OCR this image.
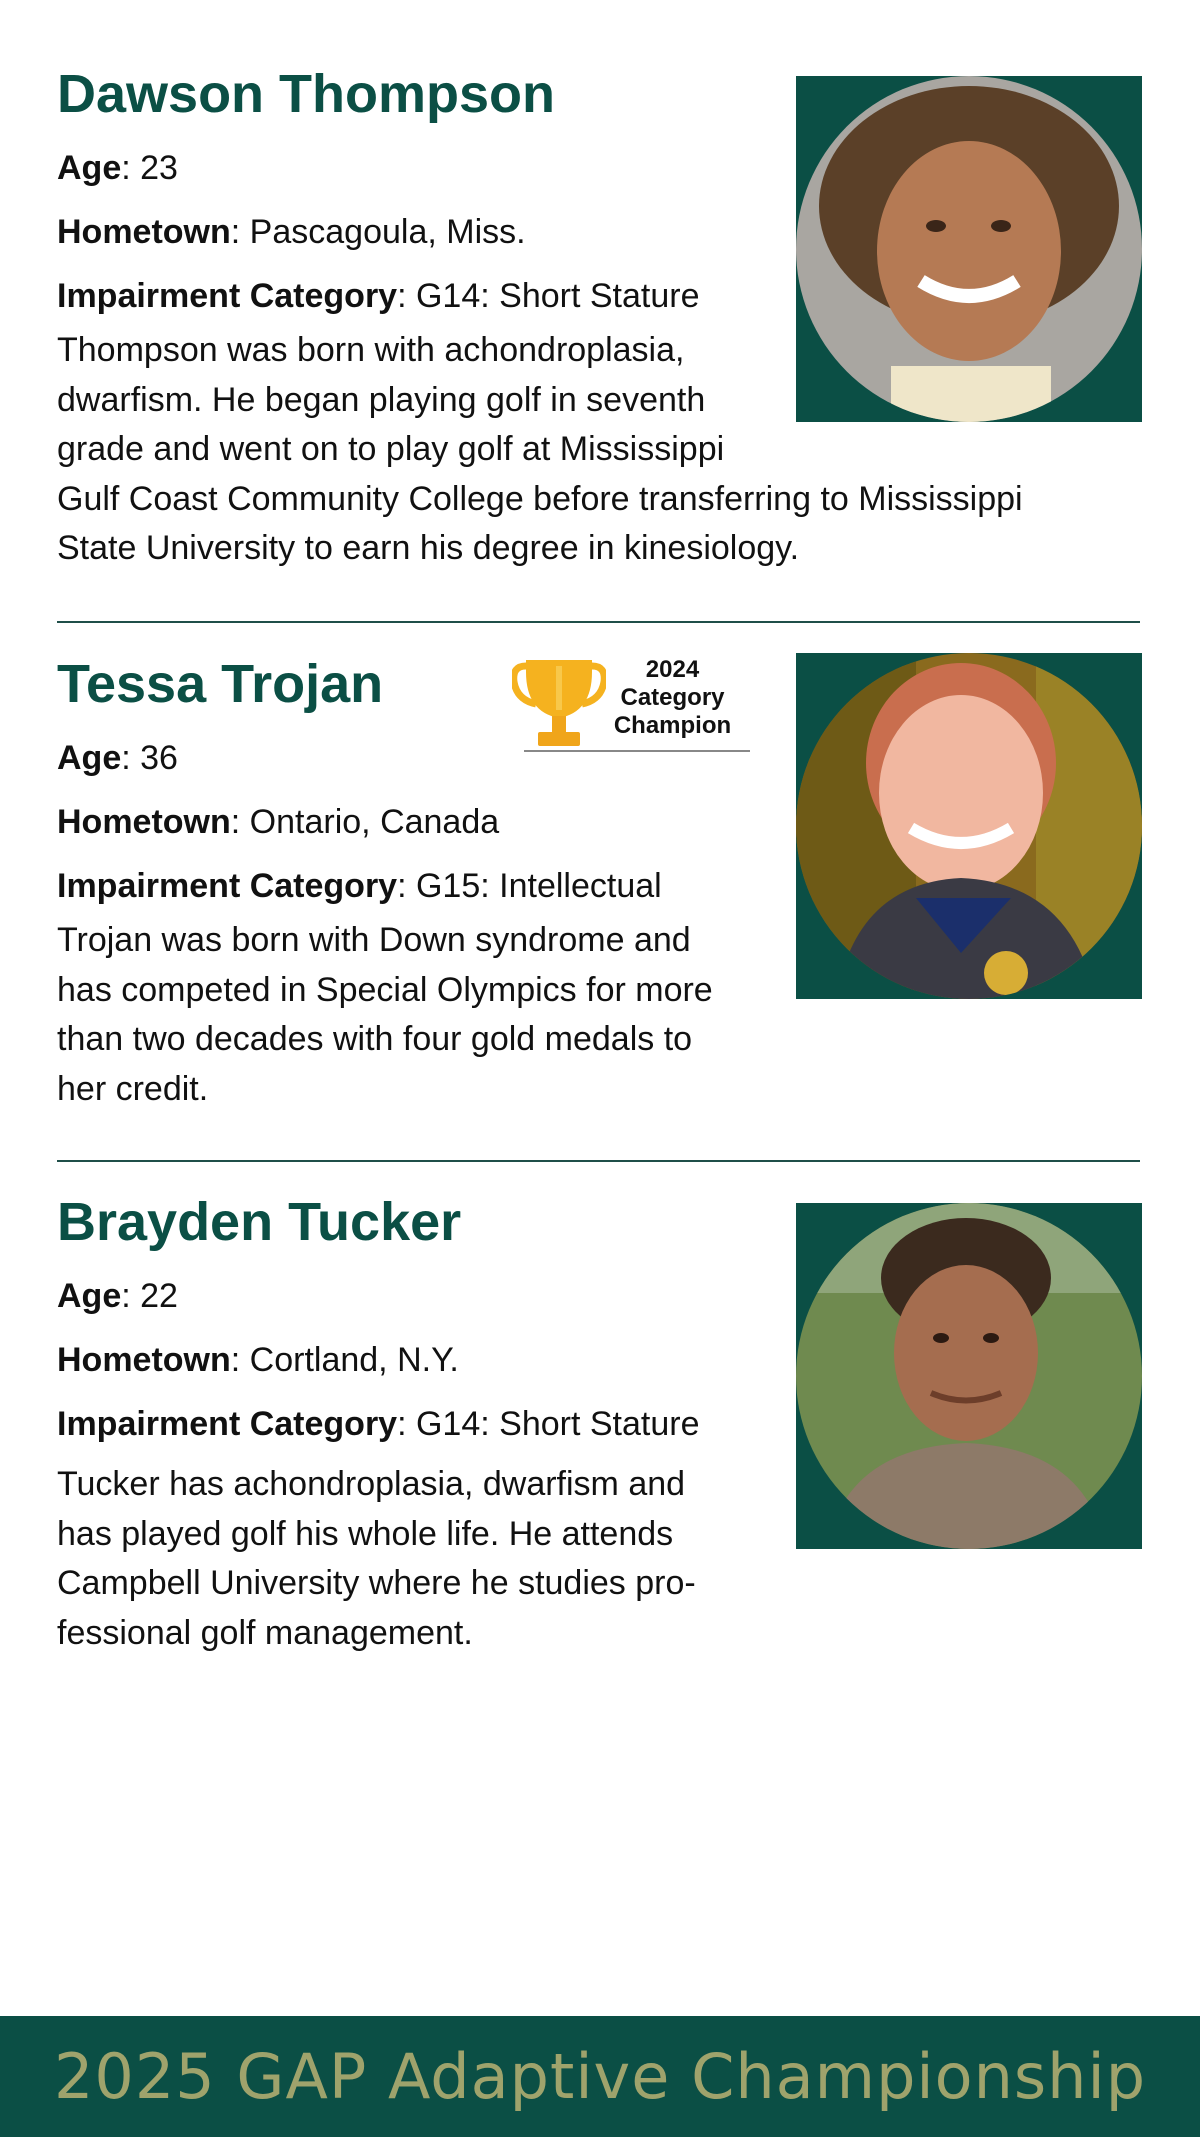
Dawson Thompson

Age: 23

Hometown: Pascagoula, Miss.

Impairment Category: G14: Short Stature

Thompson was born with achondroplasia,
dwarfism. He began playing golf in seventh
grade and went on to play golf at Mississippi
Gulf Coast Community College before transferring to Mississippi
State University to earn his degree in kinesiology.
Tessa Trojan

Age: 36

Hometown: Ontario, Canada

Impairment Category: G15: Intellectual

Trojan was born with Down syndrome and
has competed in Special Olympics for more
than two decades with four gold medals to
her credit.
2024
Category
Champion
Brayden Tucker

Age: 22

Hometown: Cortland, N.Y.

Impairment Category: G14: Short Stature

Tucker has achondroplasia, dwarfism and
has played golf his whole life. He attends
Campbell University where he studies pro-
fessional golf management.
2025 GAP Adaptive Championship
